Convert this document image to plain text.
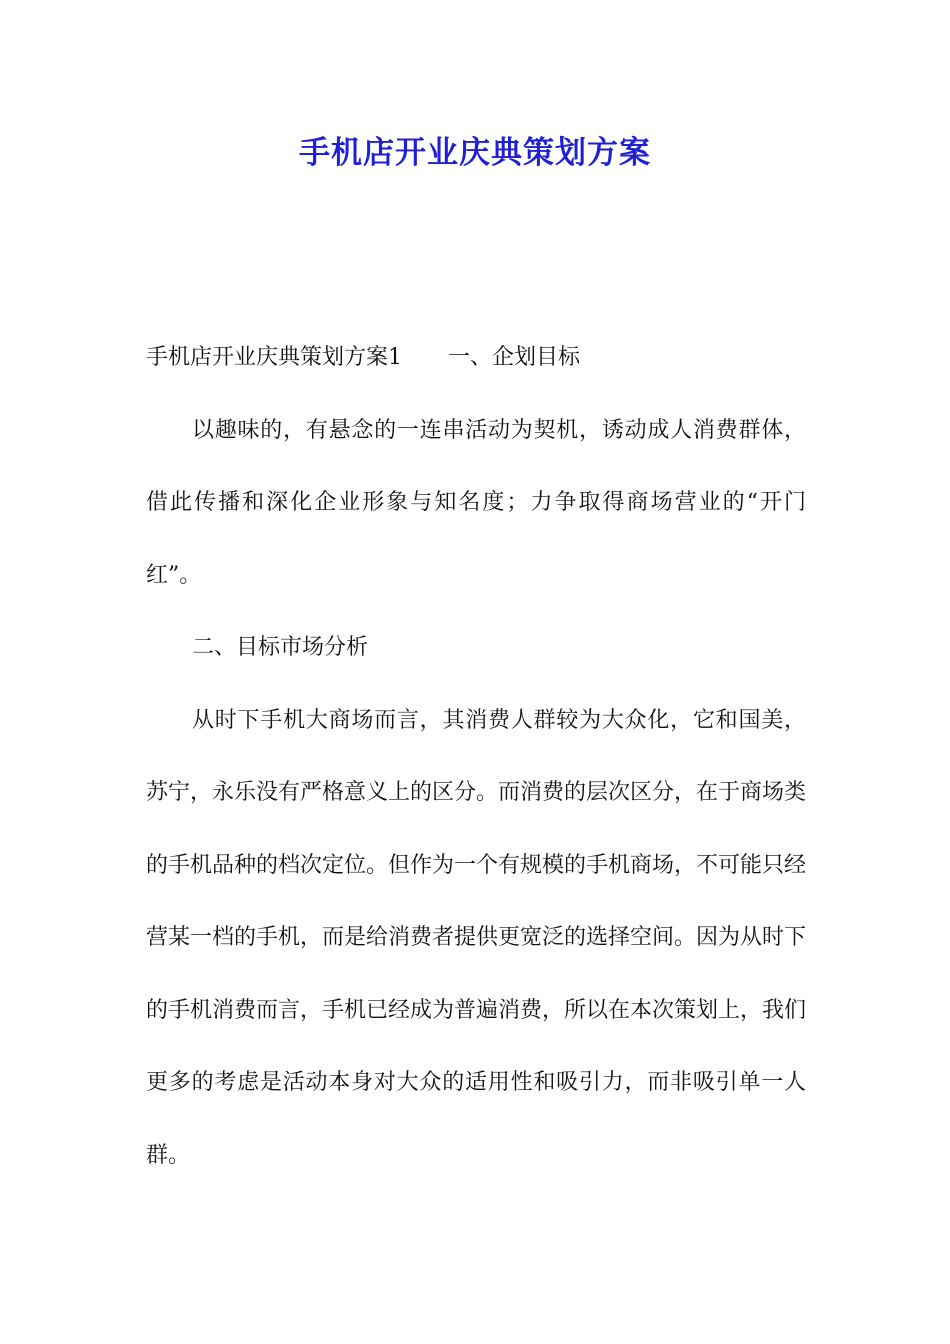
手机店开业庆典策划方案

手机店开业庆典策划方案1 一、企划目标

以趣味的，有悬念的一连串活动为契机，诱动成人消费群体，借此传播和深化企业形象与知名度；力争取得商场营业的“开门红”。

二、目标市场分析

从时下手机大商场而言，其消费人群较为大众化，它和国美，苏宁，永乐没有严格意义上的区分。而消费的层次区分，在于商场类的手机品种的档次定位。但作为一个有规模的手机商场，不可能只经营某一档的手机，而是给消费者提供更宽泛的选择空间。因为从时下的手机消费而言，手机已经成为普遍消费，所以在本次策划上，我们更多的考虑是活动本身对大众的适用性和吸引力，而非吸引单一人群。
